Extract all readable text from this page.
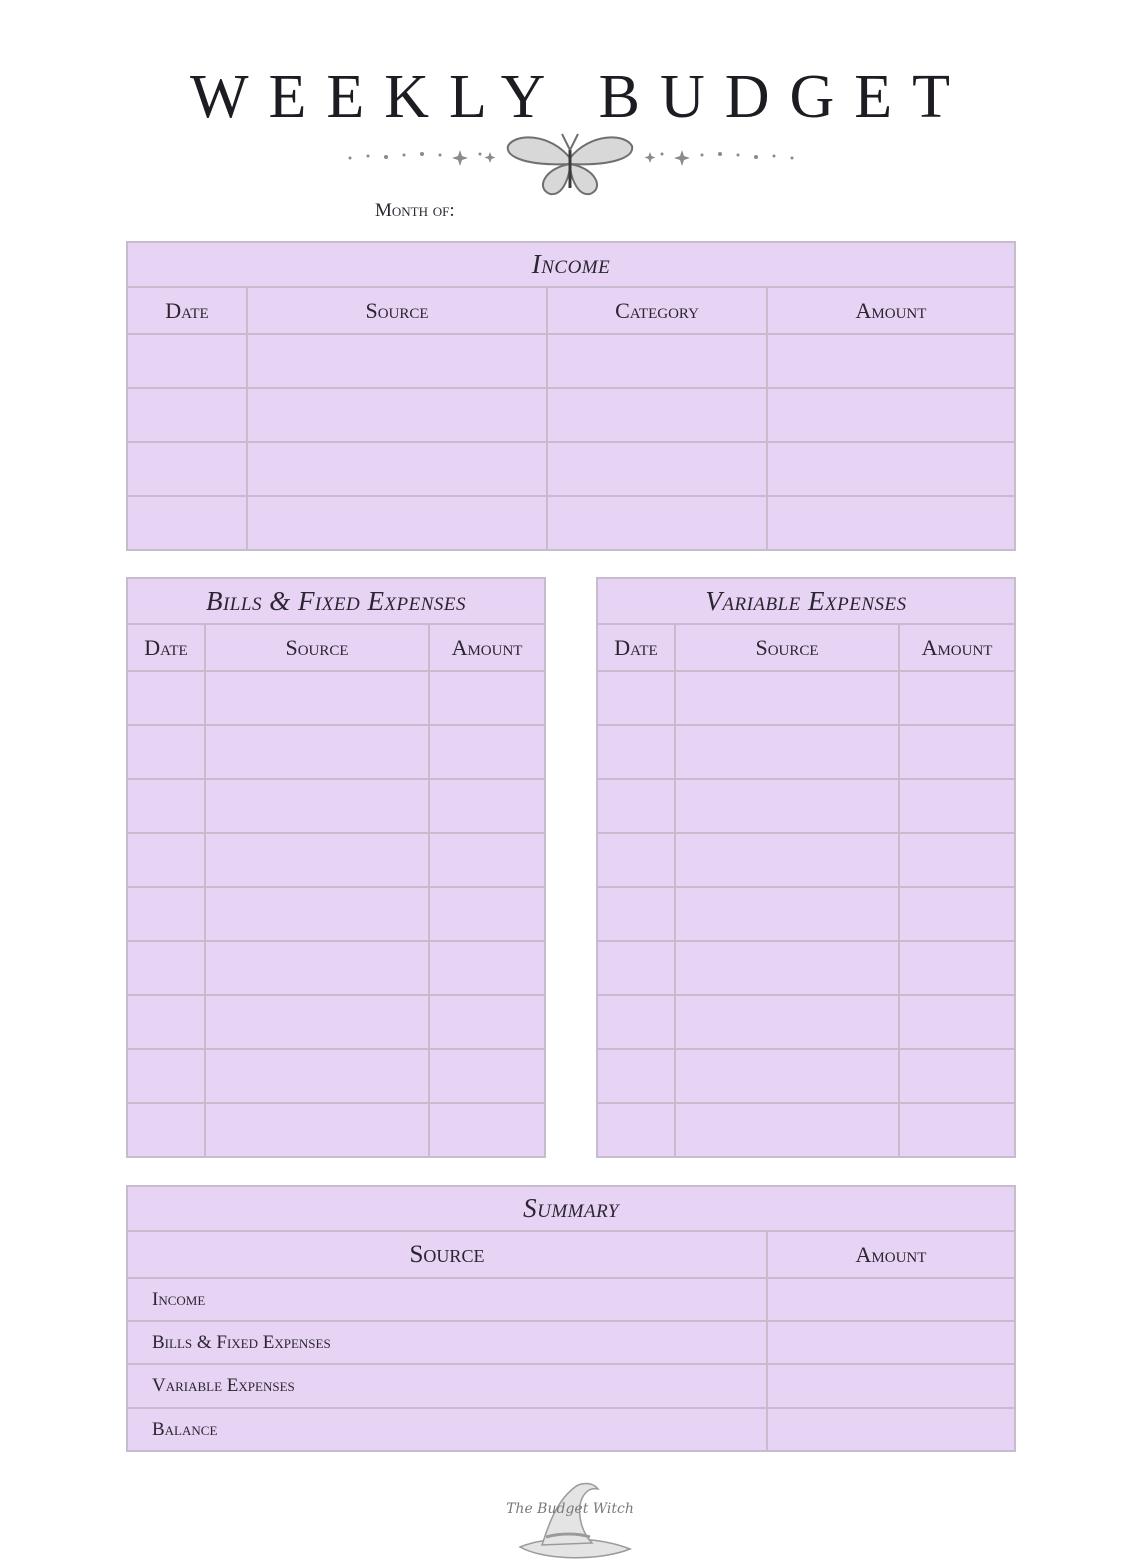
WEEKLY BUDGET
Month of:
Income			
Date	Source	Category	Amount

Bills & Fixed Expenses		
Date	Source	Amount

Variable Expenses		
Date	Source	Amount

Summary	
Source	Amount
Income	
Bills & Fixed Expenses	
Variable Expenses	
Balance	
The Budget Witch
